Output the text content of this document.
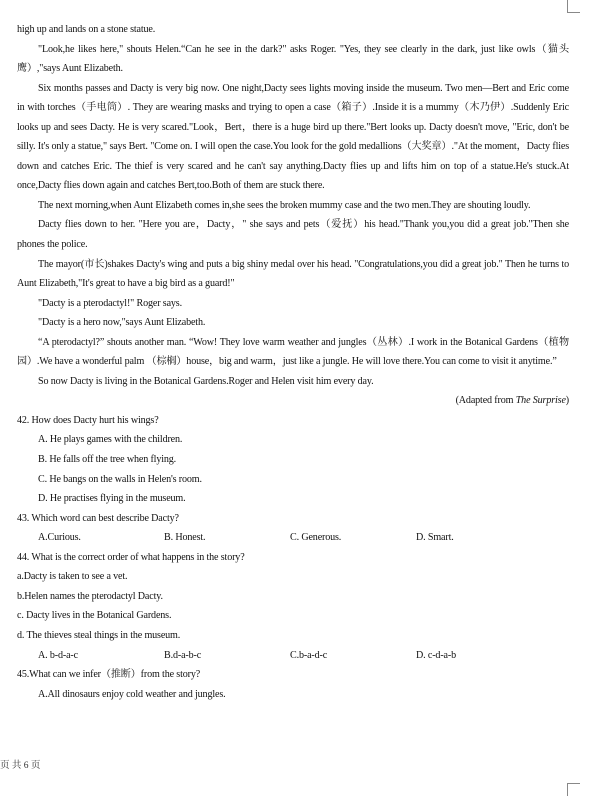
high up and lands on a stone statue.

"Look,he likes here," shouts Helen.“Can he see in the dark?" asks Roger. "Yes, they see clearly in the dark, just like owls（猫头鹰）,"says Aunt Elizabeth.

Six months passes and Dacty is very big now. One night,Dacty sees lights moving inside the museum. Two men—Bert and Eric come in with torches（手电筒）. They are wearing masks and trying to open a case（箱子）.Inside it is a mummy（木乃伊）.Suddenly Eric looks up and sees Dacty. He is very scared."Look，Bert，there is a huge bird up there."Bert looks up. Dacty doesn't move, "Eric, don't be silly. It's only a statue," says Bert. "Come on. I will open the case.You look for the gold medallions（大奖章）."At the moment，Dacty flies down and catches Eric. The thief is very scared and he can't say anything.Dacty flies up and lifts him on top of a statue.He's stuck.At once,Dacty flies down again and catches Bert,too.Both of them are stuck there.

The next morning,when Aunt Elizabeth comes in,she sees the broken mummy case and the two men.They are shouting loudly.

Dacty flies down to her. "Here you are，Dacty，" she says and pets（爱抚）his head."Thank you,you did a great job."Then she phones the police.

The mayor(市长)shakes Dacty's wing and puts a big shiny medal over his head. "Congratulations,you did a great job." Then he turns to Aunt Elizabeth,"It's great to have a big bird as a guard!"

"Dacty is a pterodactyl!" Roger says.

"Dacty is a hero now,"says Aunt Elizabeth.

“A pterodactyl?” shouts another man. “Wow! They love warm weather and jungles（丛林）.I work in the Botanical Gardens（植物园）.We have a wonderful palm （棕榈）house，big and warm，just like a jungle. He will love there.You can come to visit it anytime.”

So now Dacty is living in the Botanical Gardens.Roger and Helen visit him every day.

(Adapted from The Surprise)

42. How does Dacty hurt his wings?

A. He plays games with the children.

B. He falls off the tree when flying.

C. He bangs on the walls in Helen's room.

D. He practises flying in the museum.

43. Which word can best describe Dacty?

A.Curious.	B. Honest.	C. Generous.	D. Smart.

44. What is the correct order of what happens in the story?

a.Dacty is taken to see a vet.

b.Helen names the pterodactyl Dacty.

c. Dacty lives in the Botanical Gardens.

d. The thieves steal things in the museum.

A. b-d-a-c	B.d-a-b-c	C.b-a-d-c	D. c-d-a-b

45.What can we infer（推断）from the story?

A.All dinosaurs enjoy cold weather and jungles.

页 共 6 页
